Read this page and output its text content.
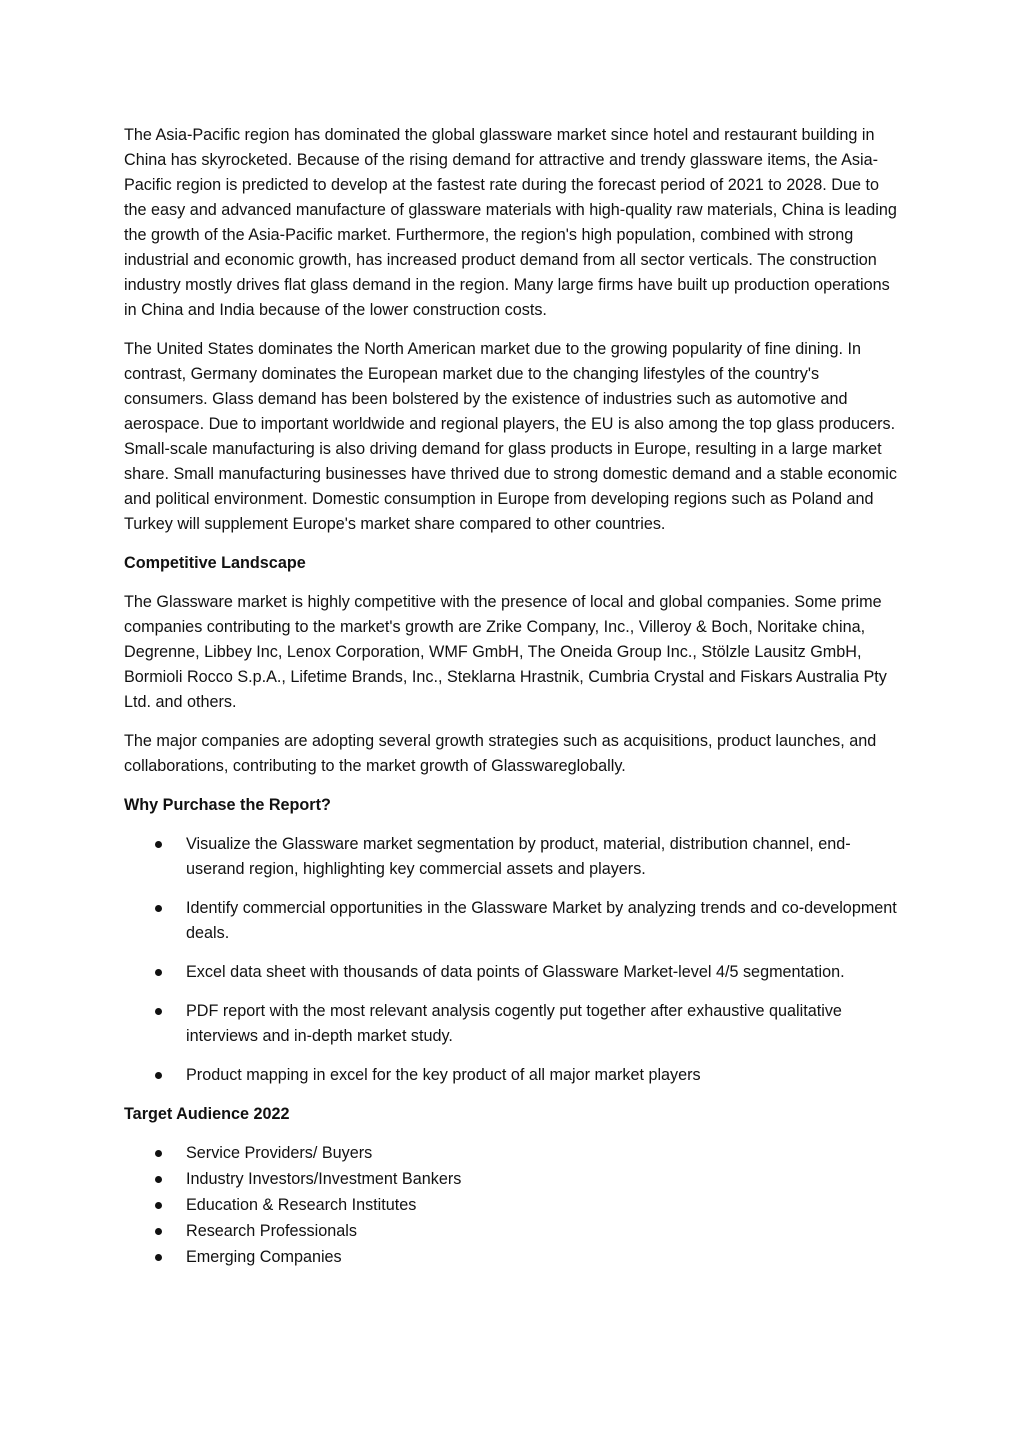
The Asia-Pacific region has dominated the global glassware market since hotel and restaurant building in China has skyrocketed. Because of the rising demand for attractive and trendy glassware items, the Asia-Pacific region is predicted to develop at the fastest rate during the forecast period of 2021 to 2028. Due to the easy and advanced manufacture of glassware materials with high-quality raw materials, China is leading the growth of the Asia-Pacific market. Furthermore, the region's high population, combined with strong industrial and economic growth, has increased product demand from all sector verticals. The construction industry mostly drives flat glass demand in the region. Many large firms have built up production operations in China and India because of the lower construction costs.

The United States dominates the North American market due to the growing popularity of fine dining. In contrast, Germany dominates the European market due to the changing lifestyles of the country's consumers. Glass demand has been bolstered by the existence of industries such as automotive and aerospace. Due to important worldwide and regional players, the EU is also among the top glass producers. Small-scale manufacturing is also driving demand for glass products in Europe, resulting in a large market share. Small manufacturing businesses have thrived due to strong domestic demand and a stable economic and political environment. Domestic consumption in Europe from developing regions such as Poland and Turkey will supplement Europe's market share compared to other countries.

Competitive Landscape

The Glassware market is highly competitive with the presence of local and global companies. Some prime companies contributing to the market's growth are Zrike Company, Inc., Villeroy & Boch, Noritake china, Degrenne, Libbey Inc, Lenox Corporation, WMF GmbH, The Oneida Group Inc., Stölzle Lausitz GmbH, Bormioli Rocco S.p.A., Lifetime Brands, Inc., Steklarna Hrastnik, Cumbria Crystal and Fiskars Australia Pty Ltd. and others.

The major companies are adopting several growth strategies such as acquisitions, product launches, and collaborations, contributing to the market growth of Glasswareglobally.

Why Purchase the Report?

Visualize the Glassware market segmentation by product, material, distribution channel, end-userand region, highlighting key commercial assets and players.
Identify commercial opportunities in the Glassware Market by analyzing trends and co-development deals.
Excel data sheet with thousands of data points of Glassware Market-level 4/5 segmentation.
PDF report with the most relevant analysis cogently put together after exhaustive qualitative interviews and in-depth market study.
Product mapping in excel for the key product of all major market players

Target Audience 2022

Service Providers/ Buyers
Industry Investors/Investment Bankers
Education & Research Institutes
Research Professionals
Emerging Companies
